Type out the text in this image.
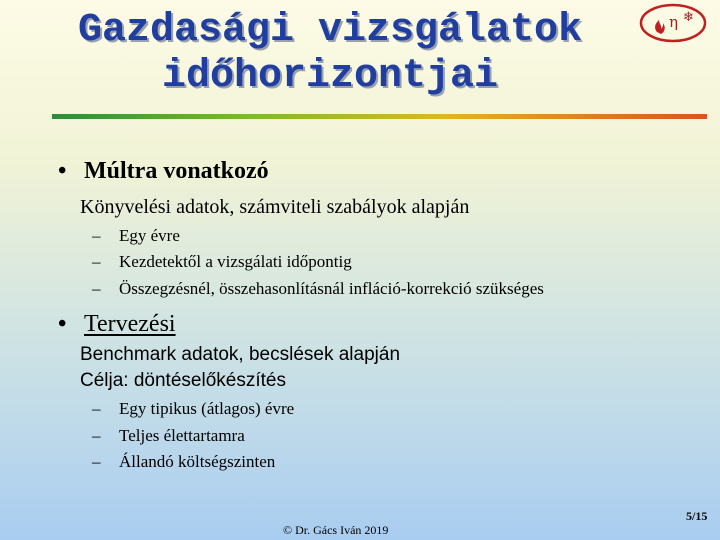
Gazdasági vizsgálatok
időhorizontjai
η ❄
• Múltra vonatkozó
Könyvelési adatok, számviteli szabályok alapján
– Egy évre
– Kezdetektől a vizsgálati időpontig
– Összegzésnél, összehasonlításnál infláció-korrekció szükséges
• Tervezési
Benchmark adatok, becslések alapján
Célja: döntéselőkészítés
– Egy tipikus (átlagos) évre
– Teljes élettartamra
– Állandó költségszinten
© Dr. Gács Iván 2019
5/15
